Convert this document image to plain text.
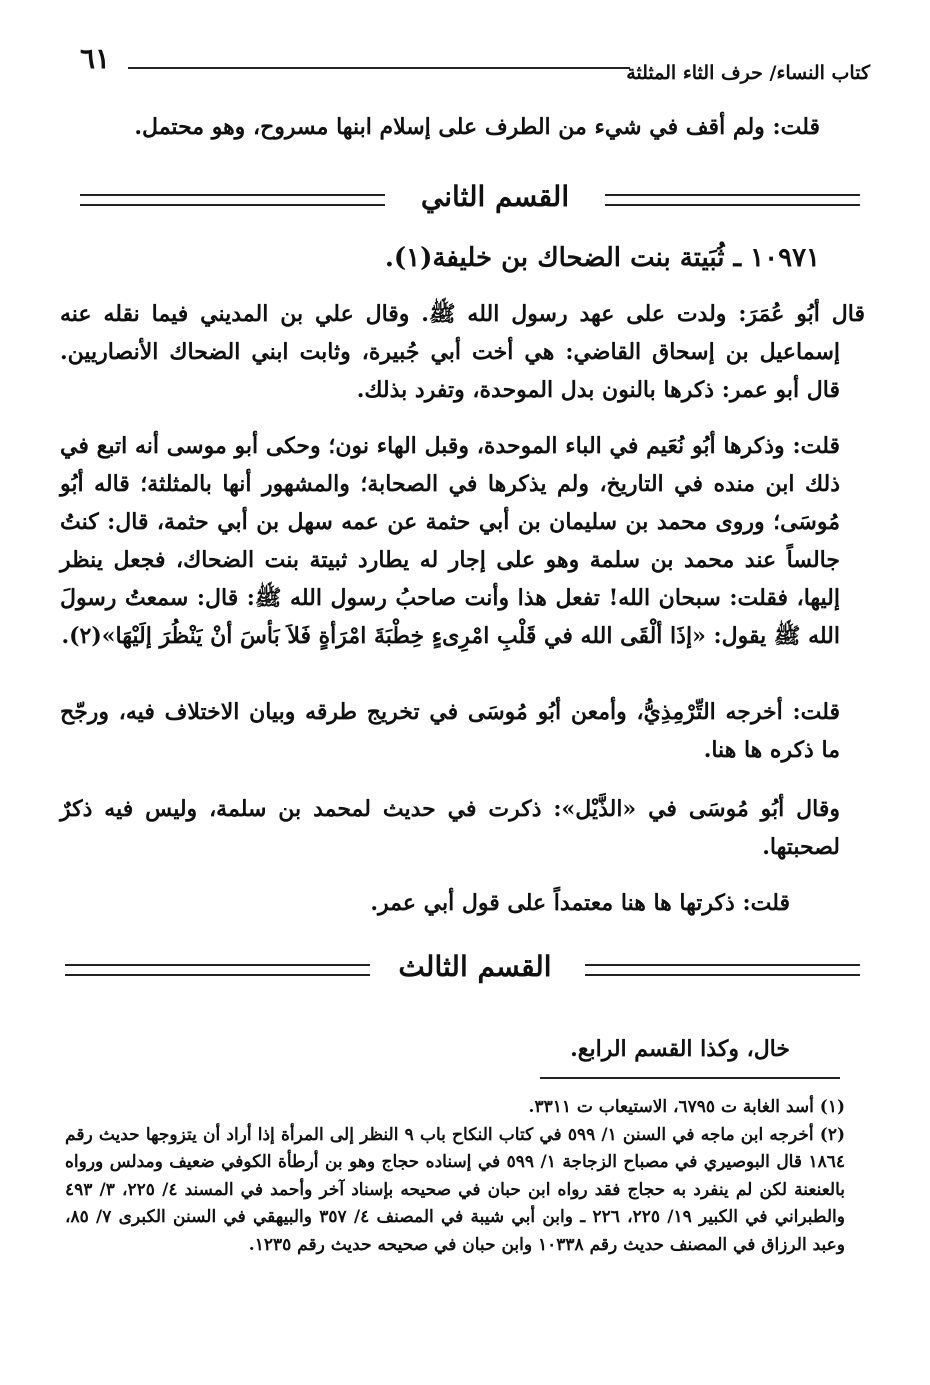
٦١	كتاب النساء/ حرف الثاء المثلثة

قلت: ولم أقف في شيء من الطرف على إسلام ابنها مسروح، وهو محتمل.

القسم الثاني

١٠٩٧١ ـ ثُبَيتة بنت الضحاك بن خليفة(١).

قال أبُو عُمَرَ: ولدت على عهد رسول الله ﷺ. وقال علي بن المديني فيما نقله عنه إسماعيل بن إسحاق القاضي: هي أخت أبي جُبيرة، وثابت ابني الضحاك الأنصاريين. قال أبو عمر: ذكرها بالنون بدل الموحدة، وتفرد بذلك.

قلت: وذكرها أبُو نُعَيم في الباء الموحدة، وقبل الهاء نون؛ وحكى أبو موسى أنه اتبع في ذلك ابن منده في التاريخ، ولم يذكرها في الصحابة؛ والمشهور أنها بالمثلثة؛ قاله أبُو مُوسَى؛ وروى محمد بن سليمان بن أبي حثمة عن عمه سهل بن أبي حثمة، قال: كنتُ جالساً عند محمد بن سلمة وهو على إجار له يطارد ثبيتة بنت الضحاك، فجعل ينظر إليها، فقلت: سبحان الله! تفعل هذا وأنت صاحبُ رسول الله ﷺ: قال: سمعتُ رسولَ الله ﷺ يقول: «إذَا ألْقَى الله في قَلْبِ امْرِىءٍ خِطْبَةَ امْرَأةٍ فَلاَ بَأسَ أنْ يَنْظُرَ إلَيْهَا»(٢).

قلت: أخرجه التِّرْمِذِيُّ، وأمعن أبُو مُوسَى في تخريج طرقه وبيان الاختلاف فيه، ورجّح ما ذكره ها هنا.

وقال أبُو مُوسَى في «الذَّيْل»: ذكرت في حديث لمحمد بن سلمة، وليس فيه ذكرٌ لصحبتها.

قلت: ذكرتها ها هنا معتمداً على قول أبي عمر.

القسم الثالث

خال، وكذا القسم الرابع.

(١) أسد الغابة ت ٦٧٩٥، الاستيعاب ت ٣٣١١.

(٢) أخرجه ابن ماجه في السنن ١/ ٥٩٩ في كتاب النكاح باب ٩ النظر إلى المرأة إذا أراد أن يتزوجها حديث رقم ١٨٦٤ قال البوصيري في مصباح الزجاجة ١/ ٥٩٩ في إسناده حجاج وهو بن أرطأة الكوفي ضعيف ومدلس ورواه بالعنعنة لكن لم ينفرد به حجاج فقد رواه ابن حبان في صحيحه بإسناد آخر وأحمد في المسند ٤/ ٢٢٥، ٣/ ٤٩٣ والطبراني في الكبير ١٩/ ٢٢٥، ٢٢٦ ـ وابن أبي شيبة في المصنف ٤/ ٣٥٧ والبيهقي في السنن الكبرى ٧/ ٨٥، وعبد الرزاق في المصنف حديث رقم ١٠٣٣٨ وابن حبان في صحيحه حديث رقم ١٢٣٥.
